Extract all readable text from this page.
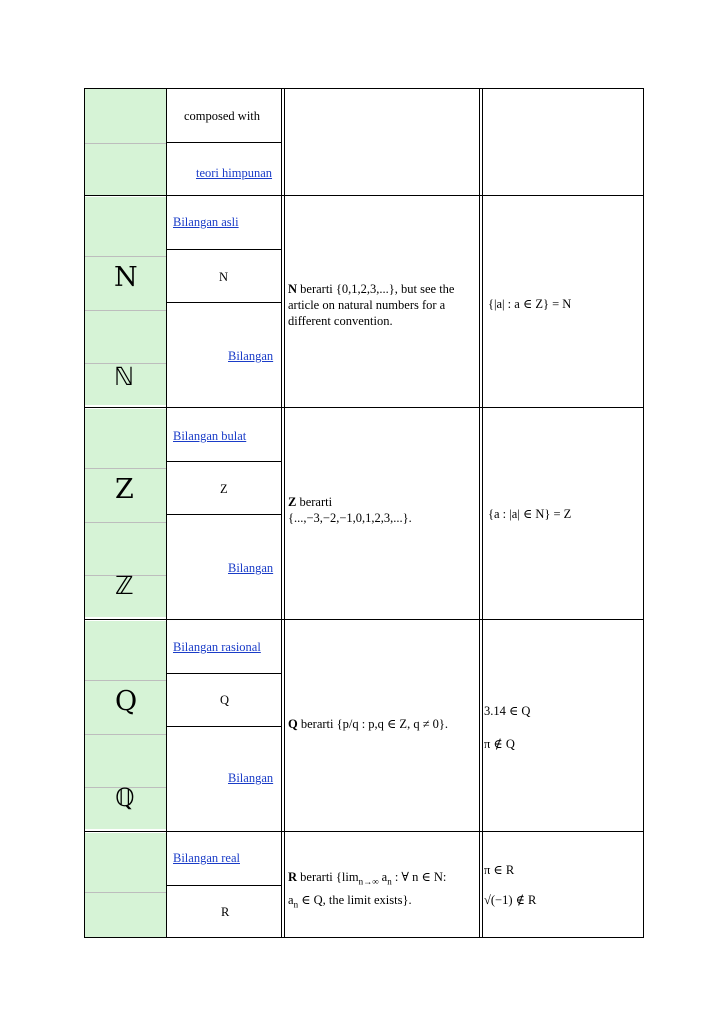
composed with
teori himpunan
N
ℕ
Bilangan asli
N
Bilangan
N berarti {0,1,2,3,...}, but see the article on natural numbers for a different convention.
{|a| : a ∈ Z} = N
Z
ℤ
Bilangan bulat
Z
Bilangan
Z berarti
{...,−3,−2,−1,0,1,2,3,...}.	{a : |a| ∈ N} = Z
Q
ℚ
Bilangan rasional
Q
Bilangan
Q berarti {p/q : p,q ∈ Z, q ≠ 0}.
3.14 ∈ Q
π ∉ Q
Bilangan real
R
R berarti {$\lim_{n\to\infty}$ $a_n$ : ∀ n ∈ N:
$a_n$ ∈ Q, the limit exists}.
π ∈ R
√(−1) ∉ R
